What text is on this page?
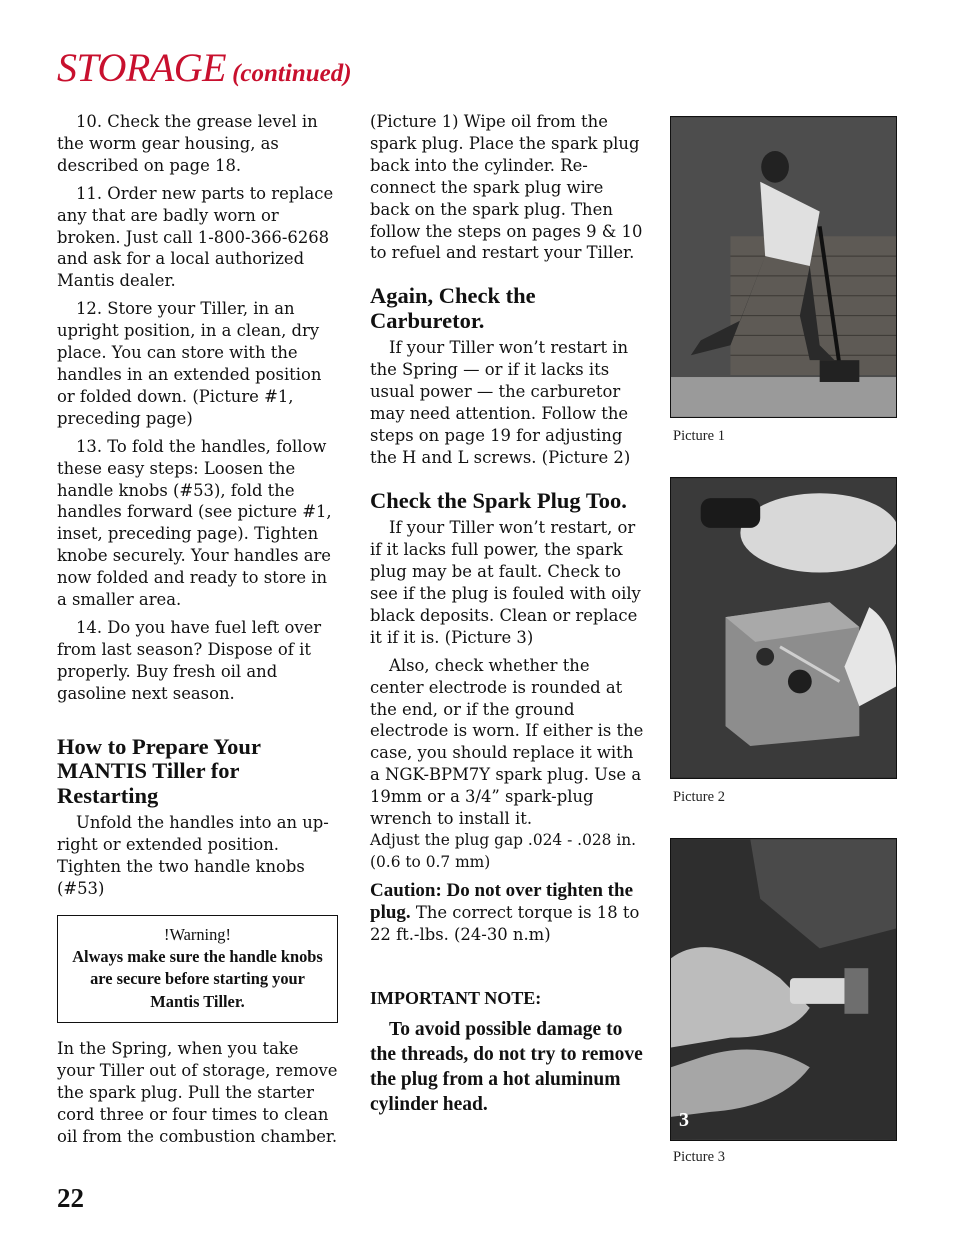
STORAGE (continued)

10. Check the grease level in the worm gear housing, as described on page 18.

11. Order new parts to replace any that are badly worn or broken. Just call 1-800-366-6268 and ask for a local authorized Mantis dealer.

12. Store your Tiller, in an upright position, in a clean, dry place. You can store with the handles in an extended position or folded down. (Picture #1, preceding page)

13. To fold the handles, follow these easy steps: Loosen the handle knobs (#53), fold the handles forward (see picture #1, inset, preceding page). Tighten knobe securely. Your handles are now folded and ready to store in a smaller area.

14. Do you have fuel left over from last season? Dispose of it properly. Buy fresh oil and gasoline next season.

How to Prepare Your MANTIS Tiller for Restarting

Unfold the handles into an up-right or extended position. Tighten the two handle knobs (#53)

!Warning!
Always make sure the handle knobs are secure before starting your Mantis Tiller.

In the Spring, when you take your Tiller out of storage, remove the spark plug. Pull the starter cord three or four times to clean oil from the combustion chamber.

(Picture 1) Wipe oil from the spark plug. Place the spark plug back into the cylinder. Re-connect the spark plug wire back on the spark plug. Then follow the steps on pages 9 & 10 to refuel and restart your Tiller.

Again, Check the Carburetor.

If your Tiller won’t restart in the Spring — or if it lacks its usual power — the carburetor may need attention. Follow the steps on page 19 for adjusting the H and L screws. (Picture 2)

Check the Spark Plug Too.

If your Tiller won’t restart, or if it lacks full power, the spark plug may be at fault. Check to see if the plug is fouled with oily black deposits. Clean or replace it if it is. (Picture 3)

Also, check whether the center electrode is rounded at the end, or if the ground electrode is worn. If either is the case, you should replace it with a NGK-BPM7Y spark plug. Use a 19mm or a 3/4” spark-plug wrench to install it.

Adjust the plug gap .024 - .028 in. (0.6 to 0.7 mm)

Caution: Do not over tighten the plug. The correct torque is 18 to 22 ft.-lbs. (24-30 n.m)

IMPORTANT NOTE:

To avoid possible damage to the threads, do not try to remove the plug from a hot aluminum cylinder head.

Picture 1
Picture 2
3
Picture 3
22
